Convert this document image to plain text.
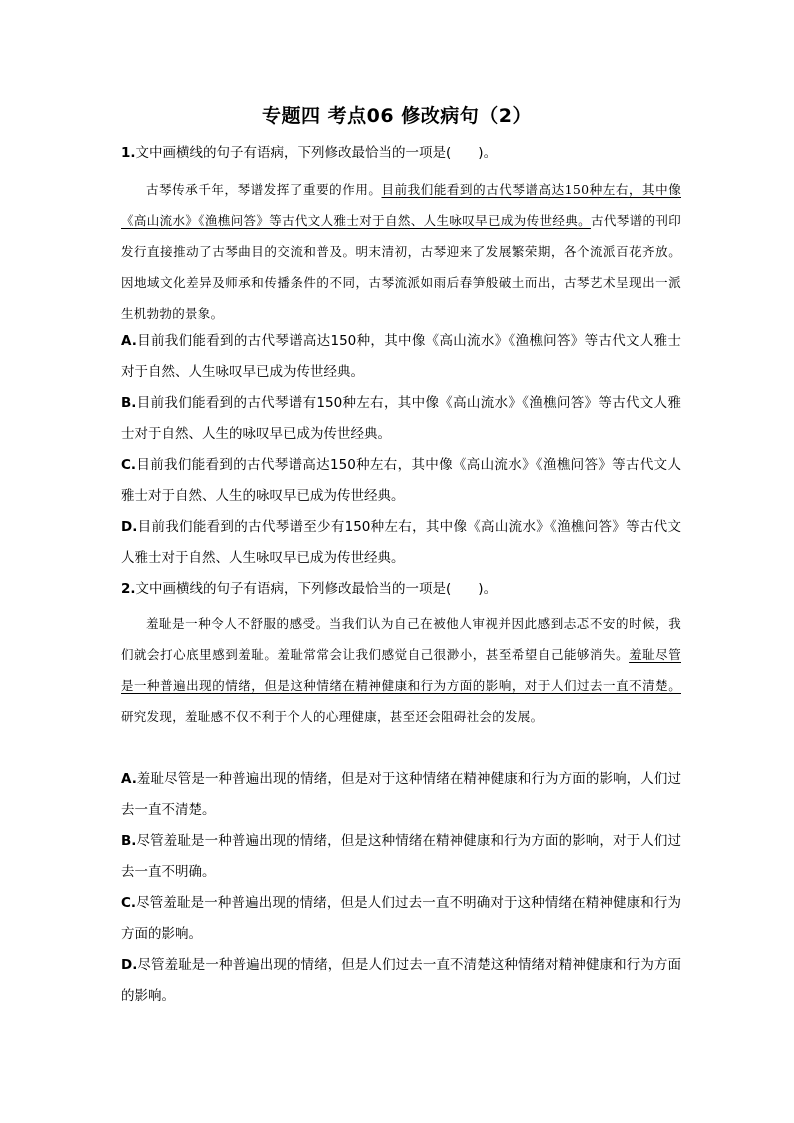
专题四 考点06 修改病句（2）

1.文中画横线的句子有语病，下列修改最恰当的一项是(　　)。

古琴传承千年，琴谱发挥了重要的作用。目前我们能看到的古代琴谱高达150种左右，其中像《高山流水》《渔樵问答》等古代文人雅士对于自然、人生咏叹早已成为传世经典。古代琴谱的刊印发行直接推动了古琴曲目的交流和普及。明末清初，古琴迎来了发展繁荣期，各个流派百花齐放。因地域文化差异及师承和传播条件的不同，古琴流派如雨后春笋般破土而出，古琴艺术呈现出一派生机勃勃的景象。

A.目前我们能看到的古代琴谱高达150种，其中像《高山流水》《渔樵问答》等古代文人雅士对于自然、人生咏叹早已成为传世经典。

B.目前我们能看到的古代琴谱有150种左右，其中像《高山流水》《渔樵问答》等古代文人雅士对于自然、人生的咏叹早已成为传世经典。

C.目前我们能看到的古代琴谱高达150种左右，其中像《高山流水》《渔樵问答》等古代文人雅士对于自然、人生的咏叹早已成为传世经典。

D.目前我们能看到的古代琴谱至少有150种左右，其中像《高山流水》《渔樵问答》等古代文人雅士对于自然、人生咏叹早已成为传世经典。

2.文中画横线的句子有语病，下列修改最恰当的一项是(　　)。

羞耻是一种令人不舒服的感受。当我们认为自己在被他人审视并因此感到忐忑不安的时候，我们就会打心底里感到羞耻。羞耻常常会让我们感觉自己很渺小，甚至希望自己能够消失。羞耻尽管是一种普遍出现的情绪，但是这种情绪在精神健康和行为方面的影响，对于人们过去一直不清楚。研究发现，羞耻感不仅不利于个人的心理健康，甚至还会阻碍社会的发展。

A.羞耻尽管是一种普遍出现的情绪，但是对于这种情绪在精神健康和行为方面的影响，人们过去一直不清楚。

B.尽管羞耻是一种普遍出现的情绪，但是这种情绪在精神健康和行为方面的影响，对于人们过去一直不明确。

C.尽管羞耻是一种普遍出现的情绪，但是人们过去一直不明确对于这种情绪在精神健康和行为方面的影响。

D.尽管羞耻是一种普遍出现的情绪，但是人们过去一直不清楚这种情绪对精神健康和行为方面的影响。
